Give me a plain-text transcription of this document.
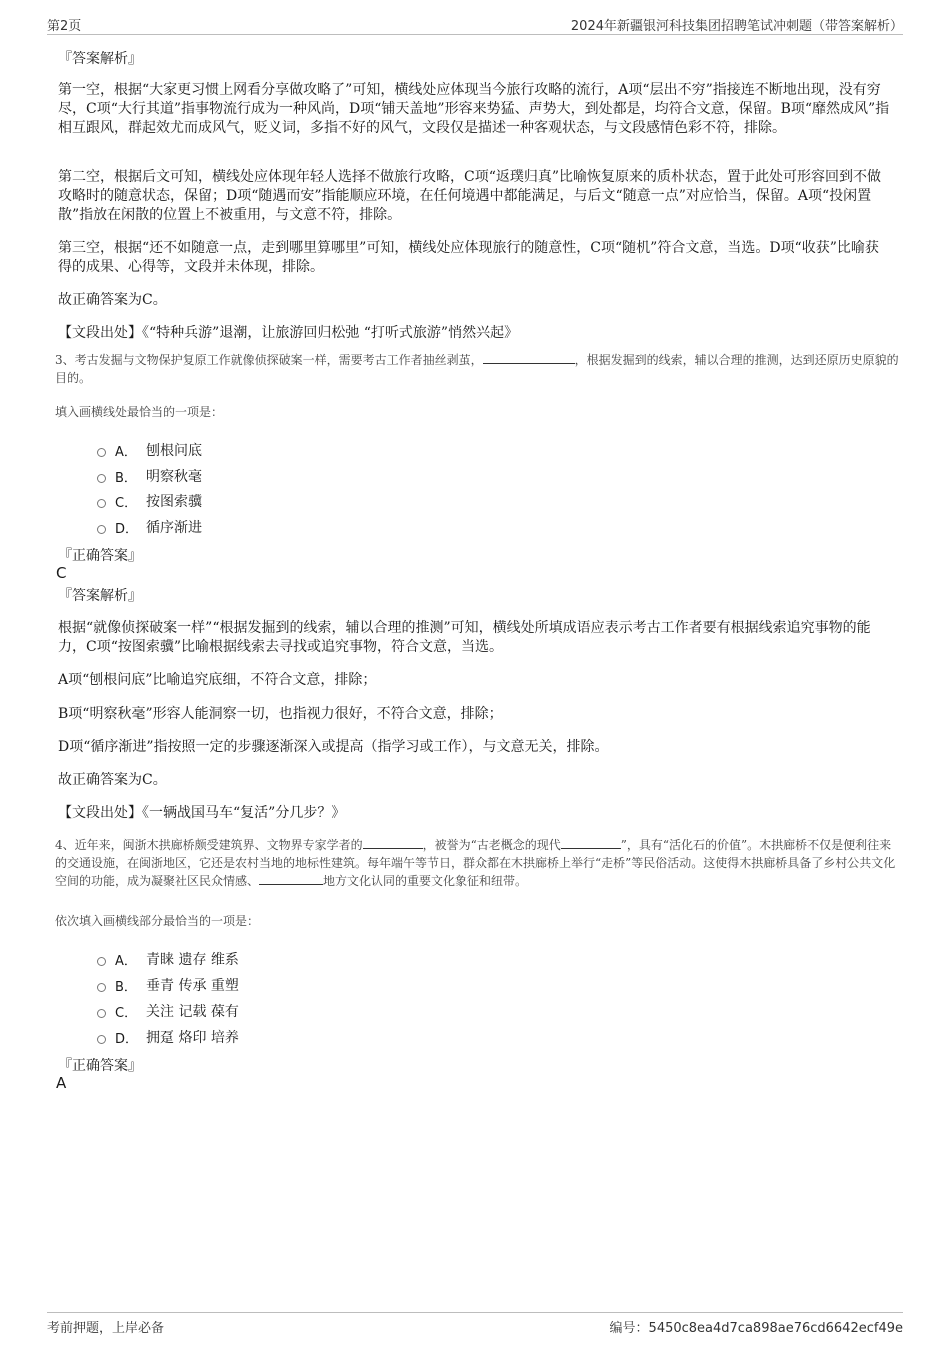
第2页	2024年新疆银河科技集团招聘笔试冲刺题（带答案解析）
『答案解析』
第一空，根据“大家更习惯上网看分享做攻略了”可知，横线处应体现当今旅行攻略的流行，A项“层出不穷”指接连不断地出现，没有穷尽，C项“大行其道”指事物流行成为一种风尚，D项“铺天盖地”形容来势猛、声势大，到处都是，均符合文意，保留。B项“靡然成风”指相互跟风，群起效尤而成风气，贬义词，多指不好的风气，文段仅是描述一种客观状态，与文段感情色彩不符，排除。
第二空，根据后文可知，横线处应体现年轻人选择不做旅行攻略，C项“返璞归真”比喻恢复原来的质朴状态，置于此处可形容回到不做攻略时的随意状态，保留；D项“随遇而安”指能顺应环境，在任何境遇中都能满足，与后文“随意一点”对应恰当，保留。A项“投闲置散”指放在闲散的位置上不被重用，与文意不符，排除。
第三空，根据“还不如随意一点，走到哪里算哪里”可知，横线处应体现旅行的随意性，C项“随机”符合文意，当选。D项“收获”比喻获得的成果、心得等，文段并未体现，排除。
故正确答案为C。
【文段出处】《“特种兵游”退潮，让旅游回归松弛 “打听式旅游”悄然兴起》
3、考古发掘与文物保护复原工作就像侦探破案一样，需要考古工作者抽丝剥茧，	，根据发掘到的线索，辅以合理的推测，达到还原历史原貌的目的。
填入画横线处最恰当的一项是：
A． 刨根问底
B． 明察秋毫
C． 按图索骥
D． 循序渐进
『正确答案』
C
『答案解析』
根据“就像侦探破案一样”“根据发掘到的线索，辅以合理的推测”可知，横线处所填成语应表示考古工作者要有根据线索追究事物的能力，C项“按图索骥”比喻根据线索去寻找或追究事物，符合文意，当选。
A项“刨根问底”比喻追究底细，不符合文意，排除；
B项“明察秋毫”形容人能洞察一切，也指视力很好，不符合文意，排除；
D项“循序渐进”指按照一定的步骤逐渐深入或提高（指学习或工作），与文意无关，排除。
故正确答案为C。
【文段出处】《一辆战国马车“复活”分几步？》
4、近年来，闽浙木拱廊桥颇受建筑界、文物界专家学者的	，被誉为“古老概念的现代	”，具有“活化石的价值”。木拱廊桥不仅是便利往来的交通设施，在闽浙地区，它还是农村当地的地标性建筑。每年端午等节日，群众都在木拱廊桥上举行“走桥”等民俗活动。这使得木拱廊桥具备了乡村公共文化空间的功能，成为凝聚社区民众情感、	地方文化认同的重要文化象征和纽带。
依次填入画横线部分最恰当的一项是：
A． 青睐 遗存 维系
B． 垂青 传承 重塑
C． 关注 记载 葆有
D． 拥趸 烙印 培养
『正确答案』
A
考前押题，上岸必备	编号：5450c8ea4d7ca898ae76cd6642ecf49e
